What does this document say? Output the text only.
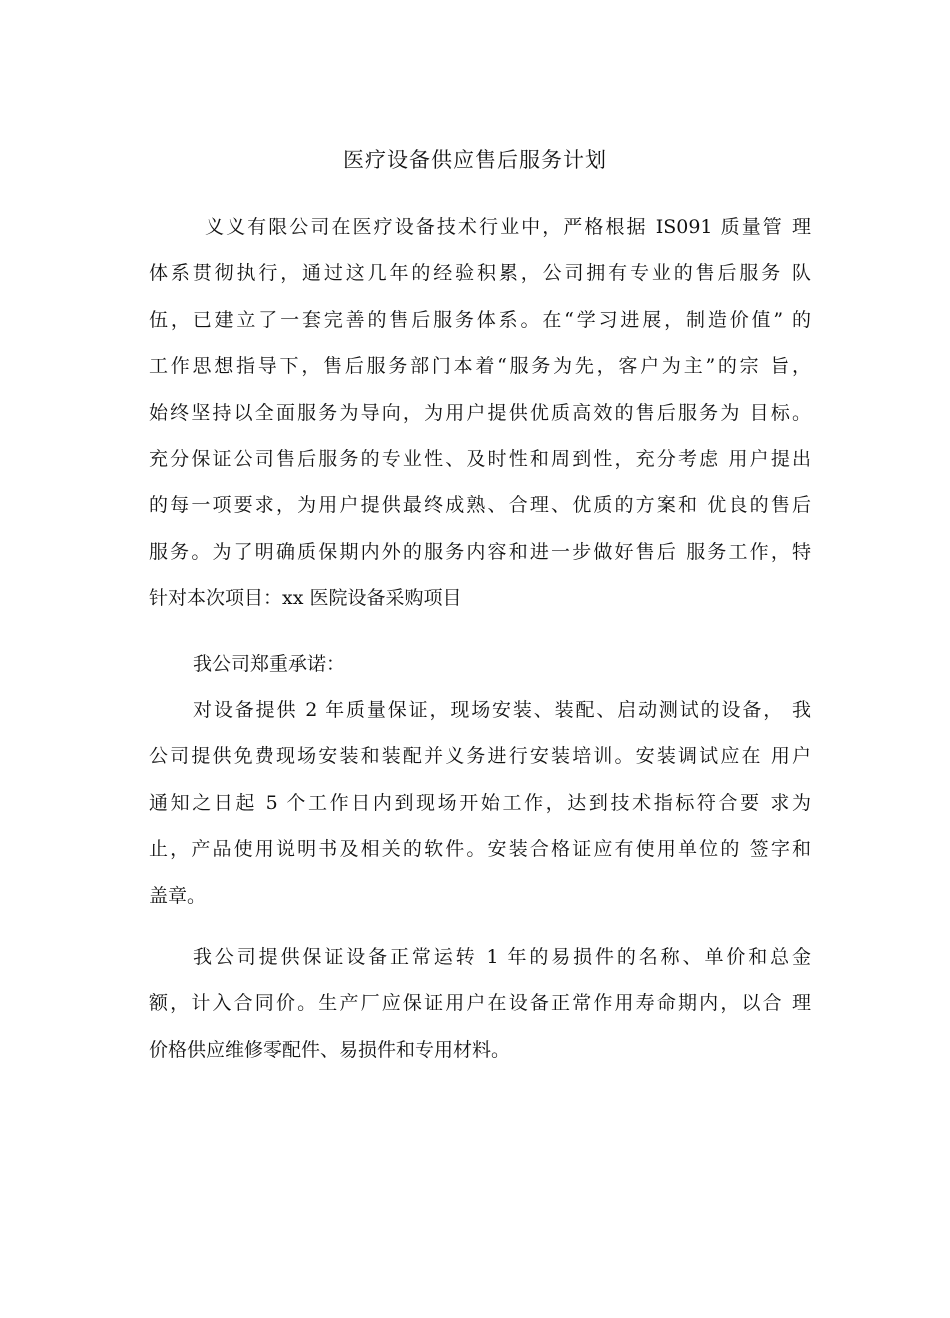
医疗设备供应售后服务计划
义义有限公司在医疗设备技术行业中，严格根据 IS091 质量管 理
体系贯彻执行，通过这几年的经验积累，公司拥有专业的售后服务 队
伍，已建立了一套完善的售后服务体系。在“学习进展，制造价值” 的
工作思想指导下，售后服务部门本着“服务为先，客户为主”的宗 旨，
始终坚持以全面服务为导向，为用户提供优质高效的售后服务为 目标。
充分保证公司售后服务的专业性、及时性和周到性，充分考虑 用户提出
的每一项要求，为用户提供最终成熟、合理、优质的方案和 优良的售后
服务。为了明确质保期内外的服务内容和进一步做好售后 服务工作，特
针对本次项目：xx 医院设备采购项目
我公司郑重承诺：
对设备提供 2 年质量保证，现场安装、装配、启动测试的设备， 我
公司提供免费现场安装和装配并义务进行安装培训。安装调试应在 用户
通知之日起 5 个工作日内到现场开始工作，达到技术指标符合要 求为
止，产品使用说明书及相关的软件。安装合格证应有使用单位的 签字和
盖章。
我公司提供保证设备正常运转 1 年的易损件的名称、单价和总金
额，计入合同价。生产厂应保证用户在设备正常作用寿命期内，以合 理
价格供应维修零配件、易损件和专用材料。
